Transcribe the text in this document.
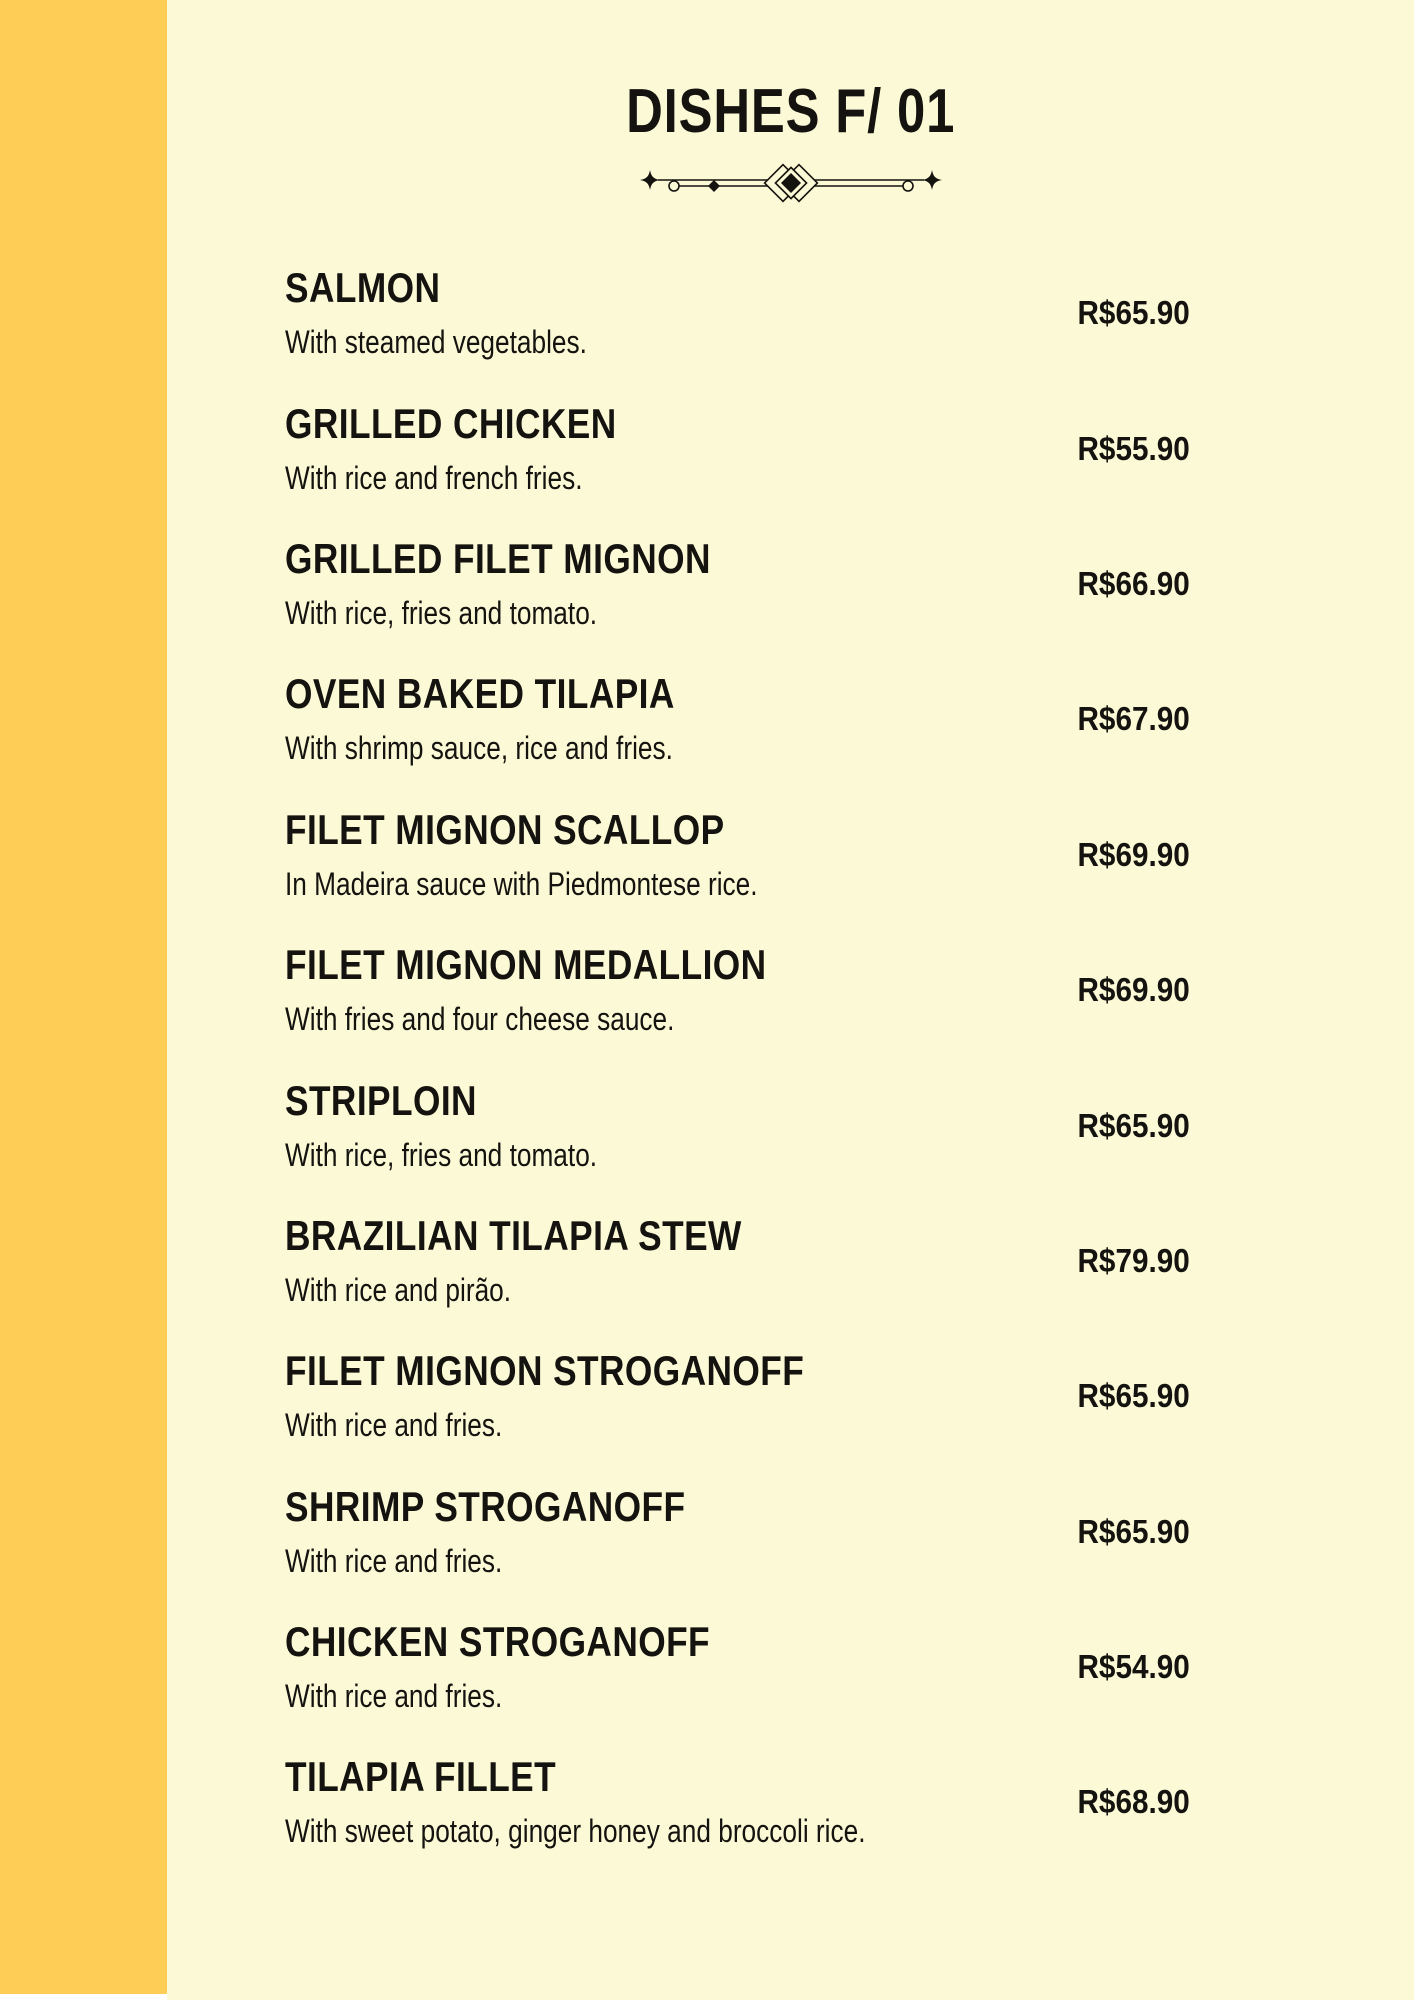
DISHES F/ 01
SALMON
With steamed vegetables.
R$65.90
GRILLED CHICKEN
With rice and french fries.
R$55.90
GRILLED FILET MIGNON
With rice, fries and tomato.
R$66.90
OVEN BAKED TILAPIA
With shrimp sauce, rice and fries.
R$67.90
FILET MIGNON SCALLOP
In Madeira sauce with Piedmontese rice.
R$69.90
FILET MIGNON MEDALLION
With fries and four cheese sauce.
R$69.90
STRIPLOIN
With rice, fries and tomato.
R$65.90
BRAZILIAN TILAPIA STEW
With rice and pirão.
R$79.90
FILET MIGNON STROGANOFF
With rice and fries.
R$65.90
SHRIMP STROGANOFF
With rice and fries.
R$65.90
CHICKEN STROGANOFF
With rice and fries.
R$54.90
TILAPIA FILLET
With sweet potato, ginger honey and broccoli rice.
R$68.90
